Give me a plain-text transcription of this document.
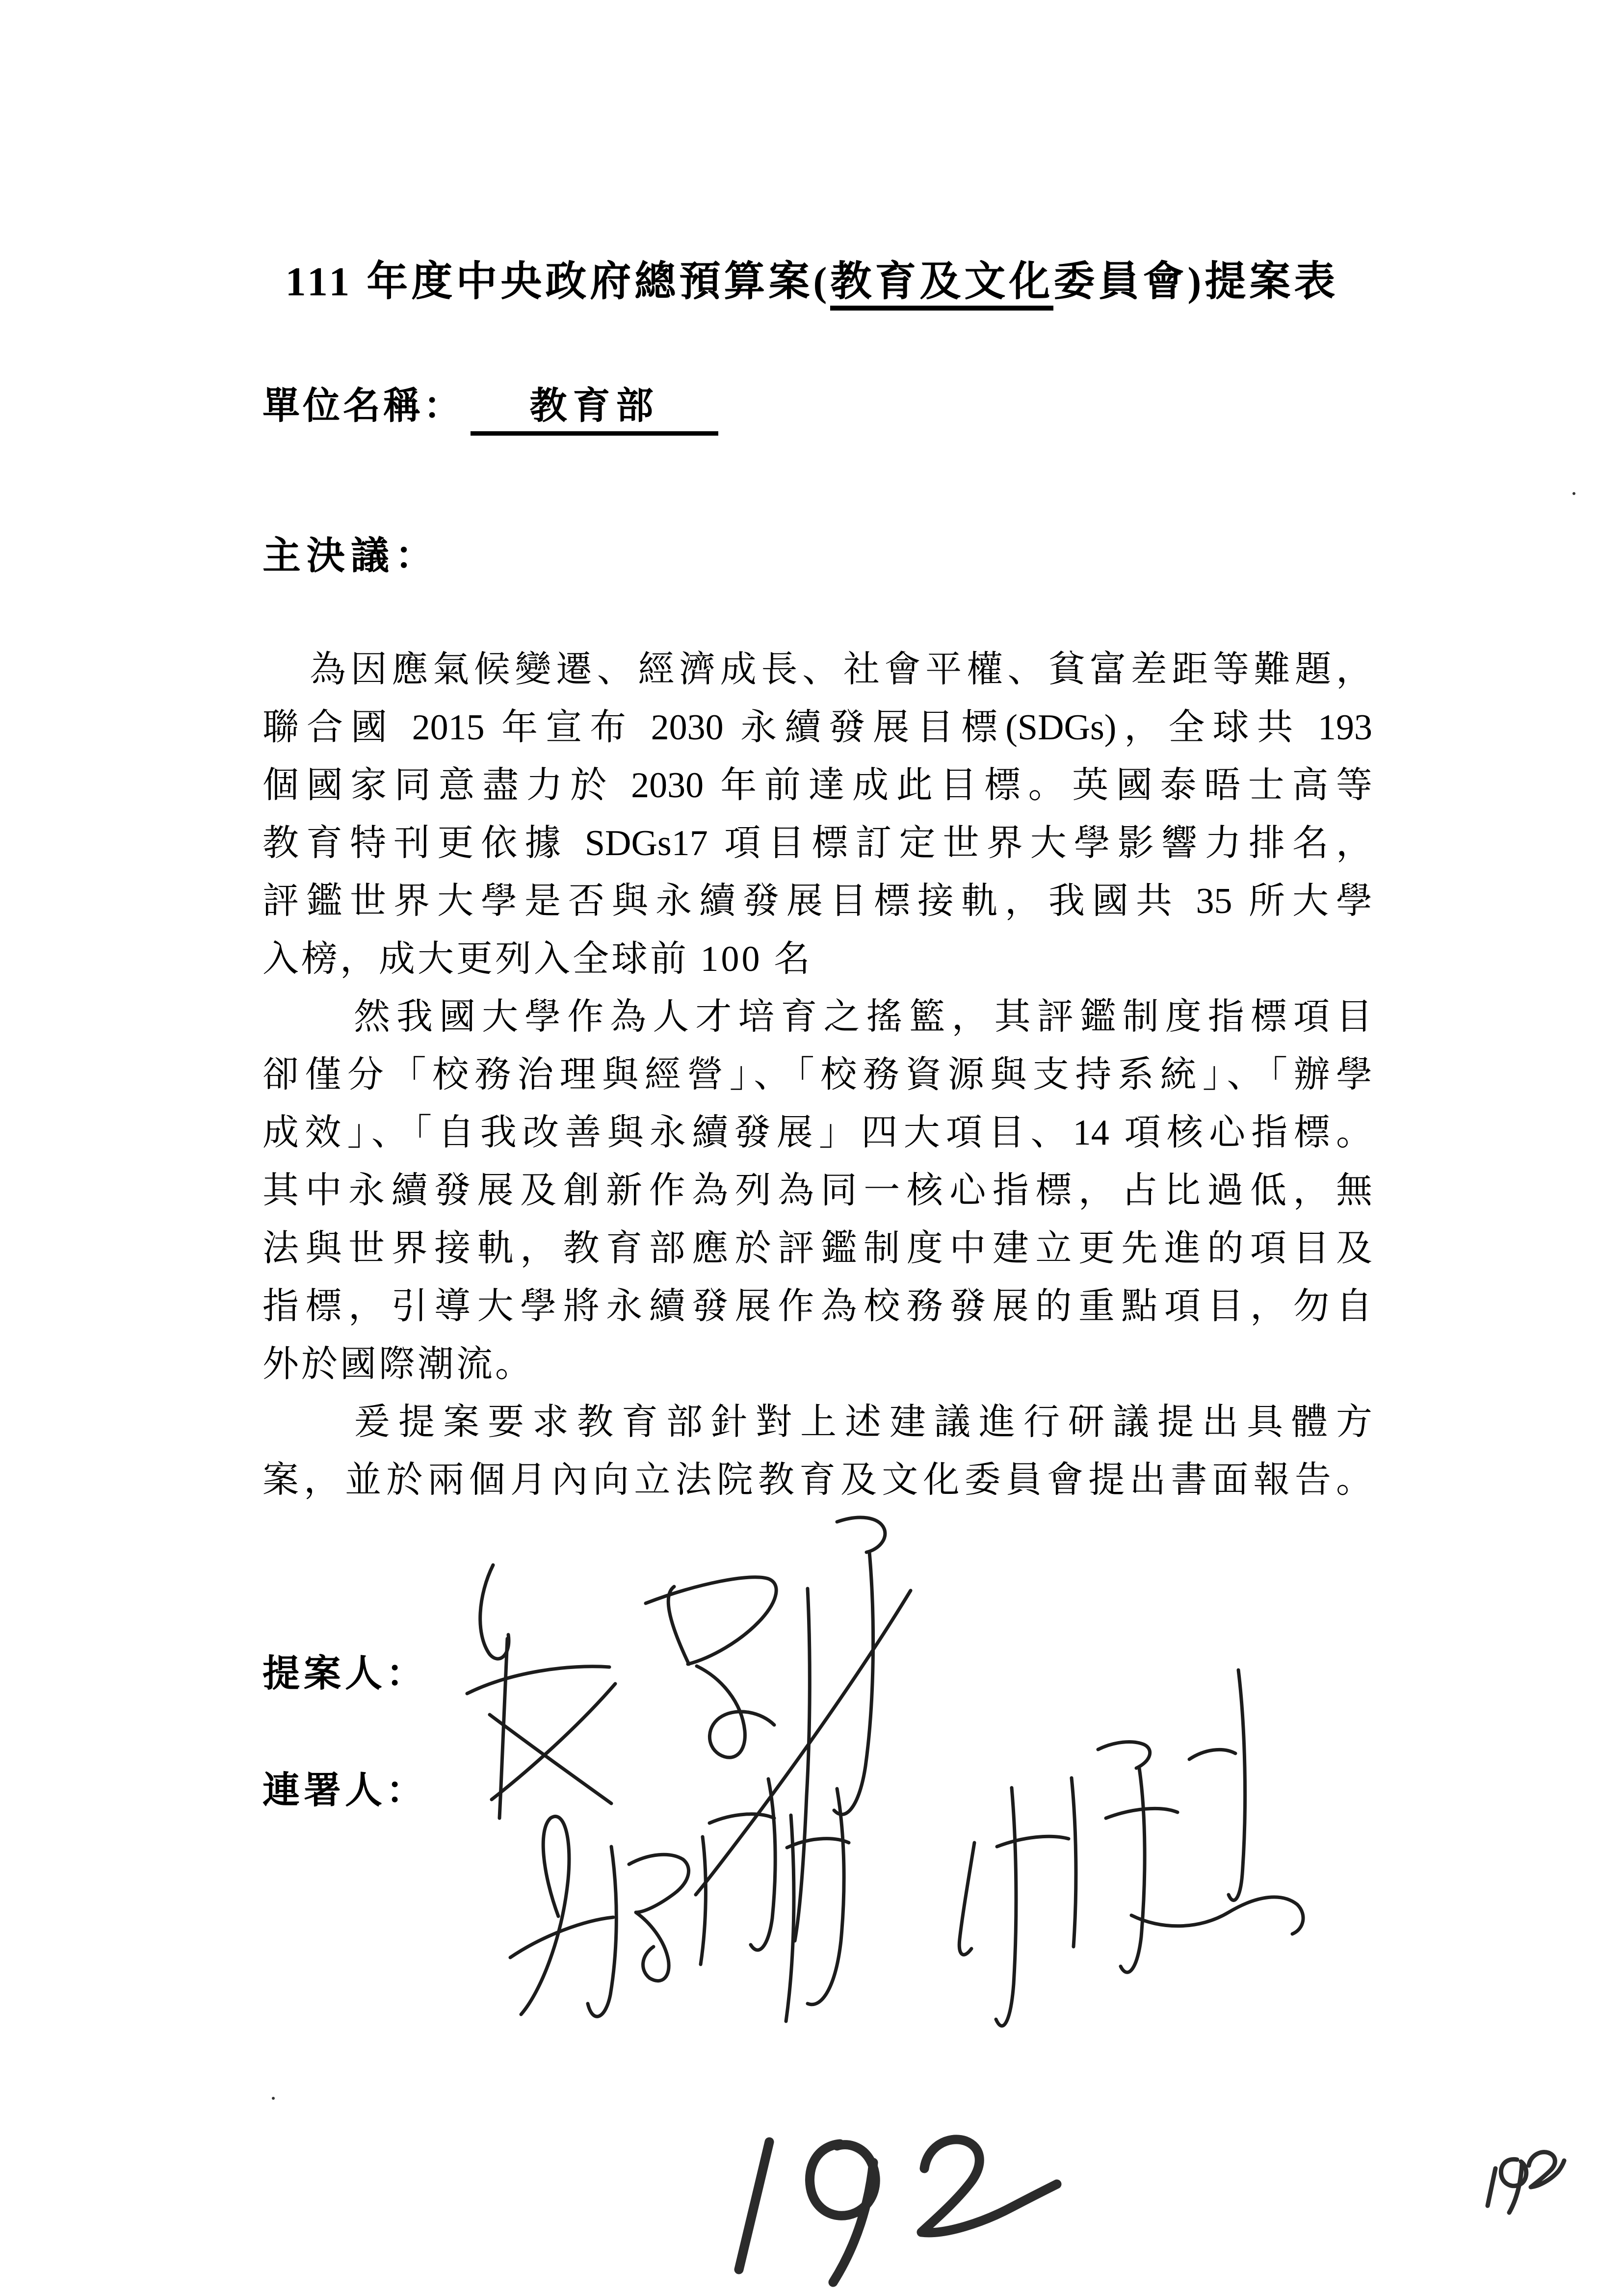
111 年度中央政府總預算案(教育及文化委員會)提案表
單位名稱： 教育部
主決議：
為因應氣候變遷、經濟成長、社會平權、貧富差距等難題，
聯合國 2015 年宣布 2030 永續發展目標(SDGs)，全球共 193
個國家同意盡力於 2030 年前達成此目標。英國泰晤士高等
教育特刊更依據 SDGs17 項目標訂定世界大學影響力排名，
評鑑世界大學是否與永續發展目標接軌，我國共 35 所大學
入榜，成大更列入全球前 100 名
然我國大學作為人才培育之搖籃，其評鑑制度指標項目
卻僅分「校務治理與經營」、「校務資源與支持系統」、「辦學
成效」、「自我改善與永續發展」四大項目、14 項核心指標。
其中永續發展及創新作為列為同一核心指標，占比過低，無
法與世界接軌，教育部應於評鑑制度中建立更先進的項目及
指標，引導大學將永續發展作為校務發展的重點項目，勿自
外於國際潮流。
爰提案要求教育部針對上述建議進行研議提出具體方
案，並於兩個月內向立法院教育及文化委員會提出書面報告。
提案人：
連署人：
